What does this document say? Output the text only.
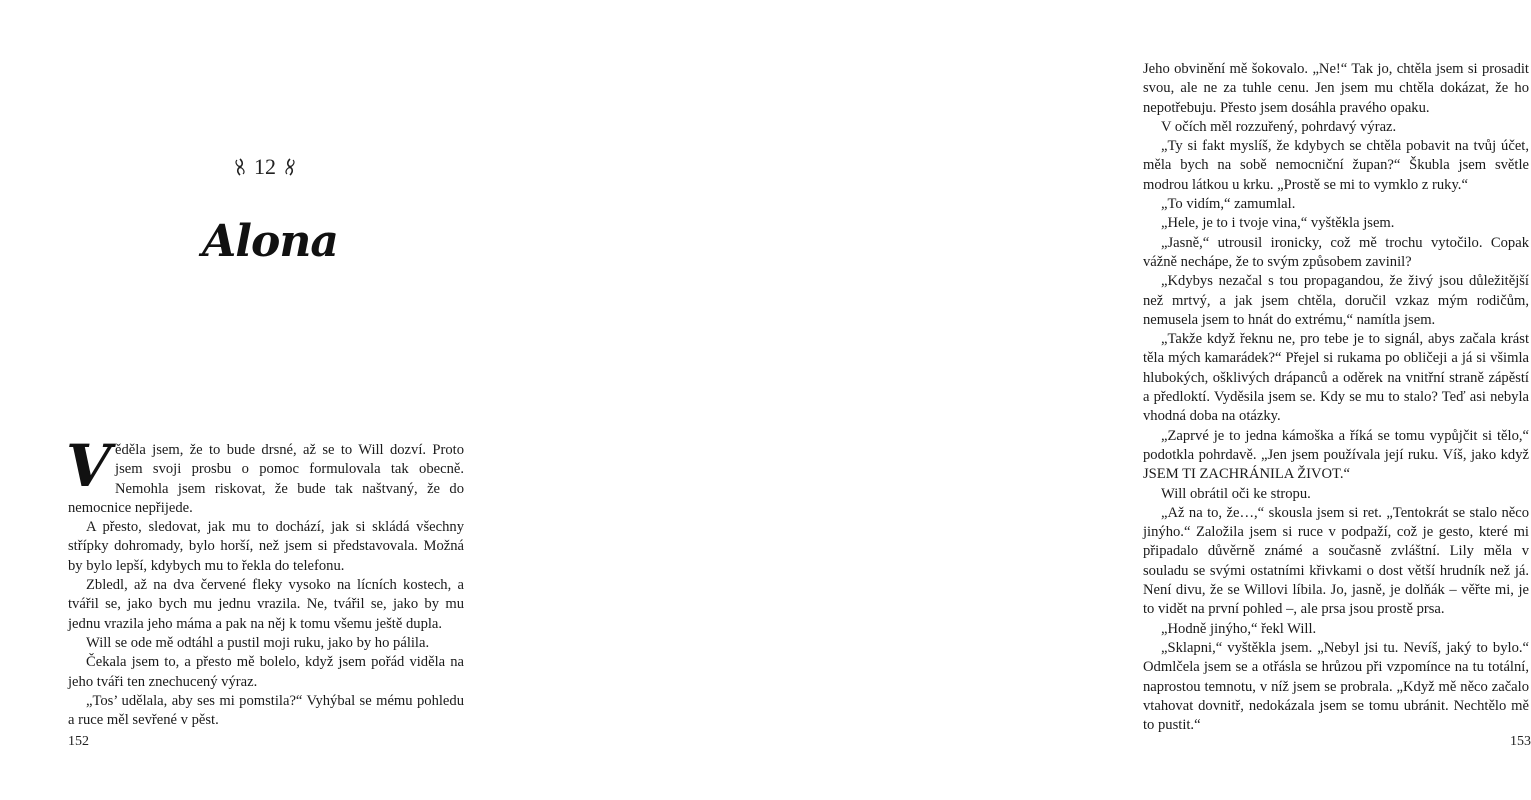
12
Alona

Věděla jsem, že to bude drsné, až se to Will dozví. Proto jsem svoji prosbu o pomoc formulovala tak obecně. Nemohla jsem riskovat, že bude tak naštvaný, že do nemocnice nepřijede.

A přesto, sledovat, jak mu to dochází, jak si skládá všechny střípky dohromady, bylo horší, než jsem si představovala. Možná by bylo lepší, kdybych mu to řekla do telefonu.

Zbledl, až na dva červené fleky vysoko na lícních kostech, a tvářil se, jako bych mu jednu vrazila. Ne, tvářil se, jako by mu jednu vrazila jeho máma a pak na něj k tomu všemu ještě dupla.

Will se ode mě odtáhl a pustil moji ruku, jako by ho pálila.

Čekala jsem to, a přesto mě bolelo, když jsem pořád viděla na jeho tváři ten znechucený výraz.

„Tos’ udělala, aby ses mi pomstila?“ Vyhýbal se mému pohledu a ruce měl sevřené v pěst.

152

Jeho obvinění mě šokovalo. „Ne!“ Tak jo, chtěla jsem si prosadit svou, ale ne za tuhle cenu. Jen jsem mu chtěla dokázat, že ho nepotřebuju. Přesto jsem dosáhla pravého opaku.

V očích měl rozzuřený, pohrdavý výraz.

„Ty si fakt myslíš, že kdybych se chtěla pobavit na tvůj účet, měla bych na sobě nemocniční župan?“ Škubla jsem světle modrou látkou u krku. „Prostě se mi to vymklo z ruky.“

„To vidím,“ zamumlal.

„Hele, je to i tvoje vina,“ vyštěkla jsem.

„Jasně,“ utrousil ironicky, což mě trochu vytočilo. Copak vážně nechápe, že to svým způsobem zavinil?

„Kdybys nezačal s tou propagandou, že živý jsou důležitější než mrtvý, a jak jsem chtěla, doručil vzkaz mým rodičům, nemusela jsem to hnát do extrému,“ namítla jsem.

„Takže když řeknu ne, pro tebe je to signál, abys začala krást těla mých kamarádek?“ Přejel si rukama po obličeji a já si všimla hlubokých, ošklivých drápanců a oděrek na vnitřní straně zápěstí a předloktí. Vyděsila jsem se. Kdy se mu to stalo? Teď asi nebyla vhodná doba na otázky.

„Zaprvé je to jedna kámoška a říká se tomu vypůjčit si tělo,“ podotkla pohrdavě. „Jen jsem používala její ruku. Víš, jako když JSEM TI ZACHRÁNILA ŽIVOT.“

Will obrátil oči ke stropu.

„Až na to, že…,“ skousla jsem si ret. „Tentokrát se stalo něco jinýho.“ Založila jsem si ruce v podpaží, což je gesto, které mi připadalo důvěrně známé a současně zvláštní. Lily měla v souladu se svými ostatními křivkami o dost větší hrudník než já. Není divu, že se Willovi líbila. Jo, jasně, je dolňák – věřte mi, je to vidět na první pohled –, ale prsa jsou prostě prsa.

„Hodně jinýho,“ řekl Will.

„Sklapni,“ vyštěkla jsem. „Nebyl jsi tu. Nevíš, jaký to bylo.“ Odmlčela jsem se a otřásla se hrůzou při vzpomínce na tu totální, naprostou temnotu, v níž jsem se probrala. „Když mě něco začalo vtahovat dovnitř, nedokázala jsem se tomu ubránit. Nechtělo mě to pustit.“

153
